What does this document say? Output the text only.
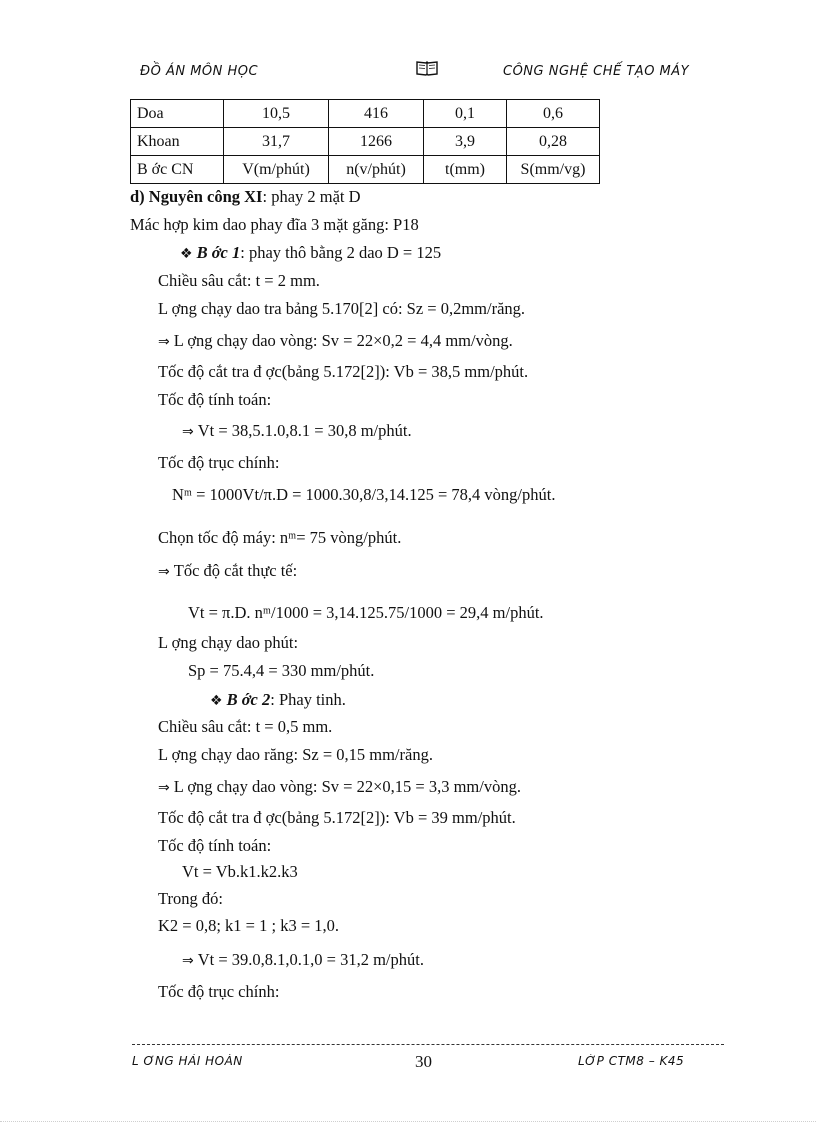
ĐỒ ÁN MÔN HỌC	CÔNG NGHỆ CHẾ TẠO MÁY
Doa	10,5	416	0,1	0,6
Khoan	31,7	1266	3,9	0,28
B ớc CN	V(m/phút)	n(v/phút)	t(mm)	S(mm/vg)
d) Nguyên công XI: phay 2 mặt D
Mác hợp kim dao phay đĩa 3 mặt găng: P18
❖ B ớc 1: phay thô bằng 2 dao D = 125
Chiều sâu cắt: t = 2 mm.
L ợng chạy dao tra bảng 5.170[2] có: Sz = 0,2mm/răng.
⇒ L ợng chạy dao vòng: Sv = 22×0,2 = 4,4 mm/vòng.
Tốc độ cắt tra đ ợc(bảng 5.172[2]): Vb = 38,5 mm/phút.
Tốc độ tính toán:
⇒ Vt = 38,5.1.0,8.1 = 30,8 m/phút.
Tốc độ trục chính:
Nᵐ = 1000Vt/π.D = 1000.30,8/3,14.125 = 78,4 vòng/phút.
Chọn tốc độ máy: nᵐ= 75 vòng/phút.
⇒ Tốc độ cắt thực tế:
Vt = π.D. nᵐ/1000 = 3,14.125.75/1000 = 29,4 m/phút.
L ợng chạy dao phút:
Sp = 75.4,4 = 330 mm/phút.
❖ B ớc 2: Phay tinh.
Chiều sâu cắt: t = 0,5 mm.
L ợng chạy dao răng: Sz = 0,15 mm/răng.
⇒ L ợng chạy dao vòng: Sv = 22×0,15 = 3,3 mm/vòng.
Tốc độ cắt tra đ ợc(bảng 5.172[2]): Vb = 39 mm/phút.
Tốc độ tính toán:
Vt = Vb.k1.k2.k3
Trong đó:
K2 = 0,8; k1 = 1 ; k3 = 1,0.
⇒ Vt = 39.0,8.1,0.1,0 = 31,2 m/phút.
Tốc độ trục chính:
L ƠNG HẢI HOÀN	30	LỚP CTM8 – K45
